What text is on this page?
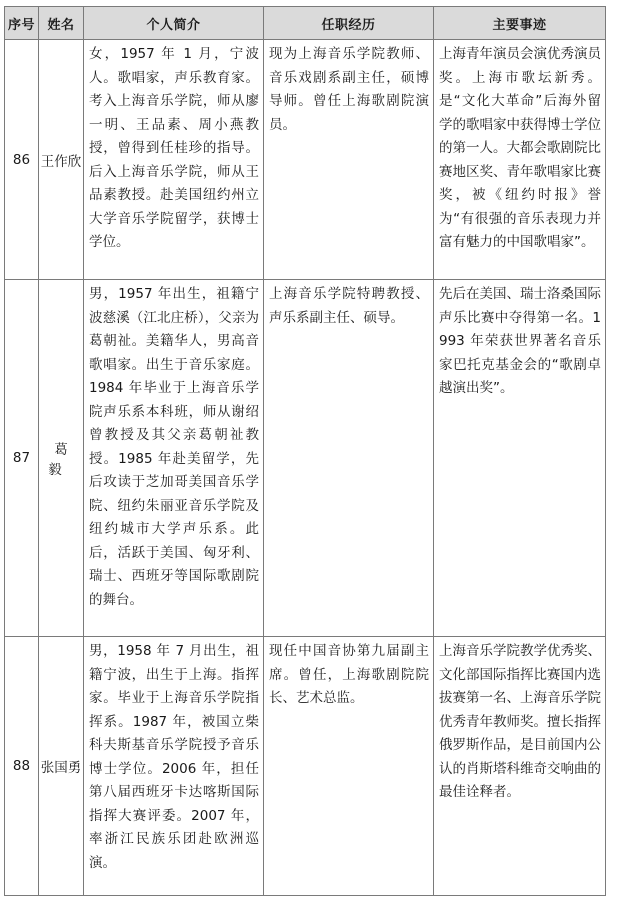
序号	姓名	个人简介	任职经历	主要事迹
86	王作欣	女，1957 年 1 月，宁波人。歌唱家，声乐教育家。考入上海音乐学院，师从廖一明、王品素、周小燕教授，曾得到任桂珍的指导。后入上海音乐学院，师从王品素教授。赴美国纽约州立大学音乐学院留学，获博士学位。	现为上海音乐学院教师、音乐戏剧系副主任，硕博导师。曾任上海歌剧院演员。	上海青年演员会演优秀演员奖。上海市歌坛新秀。是“文化大革命”后海外留学的歌唱家中获得博士学位的第一人。大都会歌剧院比赛地区奖、青年歌唱家比赛奖，被《纽约时报》誉为“有很强的音乐表现力并富有魅力的中国歌唱家”。

87	葛 毅	男，1957 年出生，祖籍宁波慈溪（江北庄桥），父亲为葛朝祉。美籍华人，男高音歌唱家。出生于音乐家庭。1984 年毕业于上海音乐学院声乐系本科班，师从谢绍曾教授及其父亲葛朝祉教授。1985 年赴美留学，先后攻读于芝加哥美国音乐学院、纽约朱丽亚音乐学院及纽约城市大学声乐系。此后，活跃于美国、匈牙利、瑞士、西班牙等国际歌剧院的舞台。	上海音乐学院特聘教授、声乐系副主任、硕导。	先后在美国、瑞士洛桑国际声乐比赛中夺得第一名。1993 年荣获世界著名音乐家巴托克基金会的“歌剧卓越演出奖”。

88	张国勇	男，1958 年 7 月出生，祖籍宁波，出生于上海。指挥家。毕业于上海音乐学院指挥系。1987 年，被国立柴科夫斯基音乐学院授予音乐博士学位。2006 年，担任第八届西班牙卡达喀斯国际指挥大赛评委。2007 年，率浙江民族乐团赴欧洲巡演。	现任中国音协第九届副主席。曾任，上海歌剧院院长、艺术总监。	上海音乐学院教学优秀奖、文化部国际指挥比赛国内选拔赛第一名、上海音乐学院优秀青年教师奖。擅长指挥俄罗斯作品，是目前国内公认的肖斯塔科维奇交响曲的最佳诠释者。
